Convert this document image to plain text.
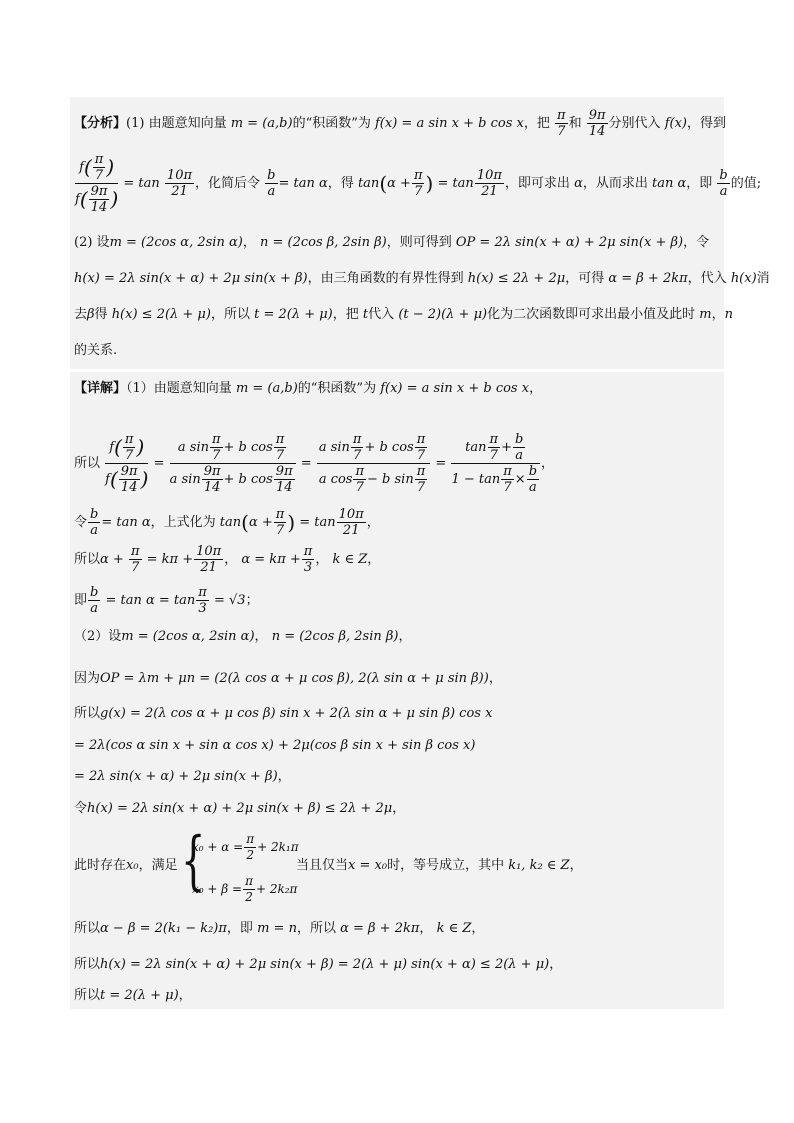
【分析】(1) 由题意知向量 m = (a,b)的“积函数”为 f(x) = a sin x + b cos x，把 $\frac{\pi}{7}$ 和 $\frac{9\pi}{14}$ 分别代入 f(x)，得到
$\frac{f( \frac{\pi}{7} )}{f( \frac{9\pi}{14} )} = \tan \frac{10\pi}{21}$ ，化简后令 $\frac{b}{a} = \tan \alpha$，得 $\tan(\alpha + \frac{\pi}{7}$ ) = $\tan \frac{10\pi}{21}$ ，即可求出 α，从而求出 tan α，即 $\frac{b}{a}$ 的值;
(2) 设m = (2cos α, 2sin α)， n = (2cos β, 2sin β)，则可得到 OP = 2λ sin(x + α) + 2μ sin(x + β)，令
h(x) = 2λ sin(x + α) + 2μ sin(x + β)，由三角函数的有界性得到 h(x) ≤ 2λ + 2μ，可得 α = β + 2kπ，代入 h(x)消
去β得 h(x) ≤ 2(λ + μ)，所以 t = 2(λ + μ)，把 t代入 (t − 2)(λ + μ)化为二次函数即可求出最小值及此时 m，n
的关系.
【详解】（1）由题意知向量 m = (a,b)的“积函数”为 f(x) = a sin x + b cos x，
所以 $\frac{f( \frac{\pi}{7} )}{f( \frac{9\pi}{14} )} = \frac{a \sin \frac{\pi}{7} + b \cos \frac{\pi}{7}}{a \sin \frac{9\pi}{14} + b \cos \frac{9\pi}{14}} = \frac{a \sin \frac{\pi}{7} + b \cos \frac{\pi}{7}}{a \cos \frac{\pi}{7} - b \sin \frac{\pi}{7}} = \frac{\tan \frac{\pi}{7} + \frac{b}{a}}{1 - \tan \frac{\pi}{7} \times \frac{b}{a}}$ ，
令 $\frac{b}{a} = \tan \alpha$，上式化为 $\tan(\alpha + \frac{\pi}{7}$ ) = $\tan \frac{10\pi}{21}$ ，
所以$\alpha + \frac{\pi}{7} = k\pi + \frac{10\pi}{21}$ ， $\alpha = k\pi + \frac{\pi}{3}$ ， k ∈ Z，
即 $\frac{b}{a} = \tan \alpha = \tan \frac{\pi}{3} = √3$；
（2）设m = (2cos α, 2sin α)， n = (2cos β, 2sin β)，
因为OP = λm + μn = (2(λ cos α + μ cos β), 2(λ sin α + μ sin β))，
所以g(x) = 2(λ cos α + μ cos β) sin x + 2(λ sin α + μ sin β) cos x
= 2λ(cos α sin x + sin α cos x) + 2μ(cos β sin x + sin β cos x)
= 2λ sin(x + α) + 2μ sin(x + β)，
令h(x) = 2λ sin(x + α) + 2μ sin(x + β) ≤ 2λ + 2μ，
此时存在x₀，满足 {
$x_0 + \alpha = \frac{\pi}{2} + 2k_1\pi$
$x_0 + \beta = \frac{\pi}{2} + 2k_2\pi$
当且仅当x = x₀时，等号成立，其中 k₁, k₂ ∈ Z，
所以α − β = 2(k₁ − k₂)π，即 m = n，所以 α = β + 2kπ， k ∈ Z，
所以h(x) = 2λ sin(x + α) + 2μ sin(x + β) = 2(λ + μ) sin(x + α) ≤ 2(λ + μ)，
所以t = 2(λ + μ)，
